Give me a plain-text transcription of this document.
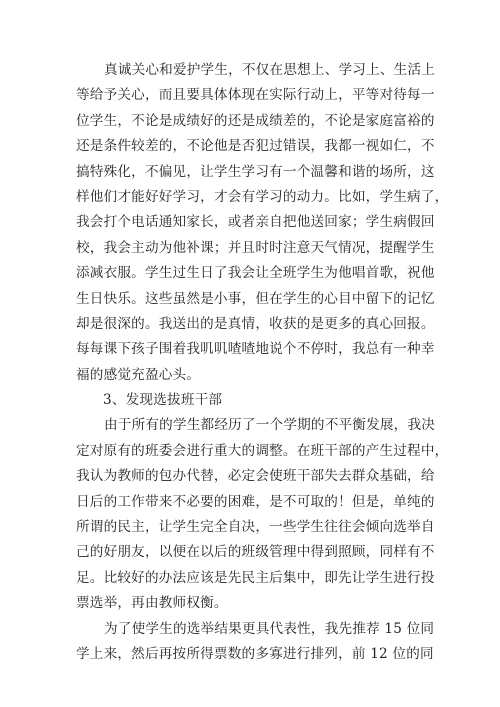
真诚关心和爱护学生，不仅在思想上、学习上、生活上
等给予关心，而且要具体体现在实际行动上，平等对待每一
位学生，不论是成绩好的还是成绩差的，不论是家庭富裕的
还是条件较差的，不论他是否犯过错误，我都一视如仁，不
搞特殊化，不偏见，让学生学习有一个温馨和谐的场所，这
样他们才能好好学习，才会有学习的动力。比如，学生病了，
我会打个电话通知家长，或者亲自把他送回家；学生病假回
校，我会主动为他补课；并且时时注意天气情况，提醒学生
添减衣服。学生过生日了我会让全班学生为他唱首歌，祝他
生日快乐。这些虽然是小事，但在学生的心目中留下的记忆
却是很深的。我送出的是真情，收获的是更多的真心回报。
每每课下孩子围着我叽叽喳喳地说个不停时，我总有一种幸
福的感觉充盈心头。
3、发现选拔班干部
由于所有的学生都经历了一个学期的不平衡发展，我决
定对原有的班委会进行重大的调整。在班干部的产生过程中，
我认为教师的包办代替，必定会使班干部失去群众基础，给
日后的工作带来不必要的困难，是不可取的！但是，单纯的
所谓的民主，让学生完全自决，一些学生往往会倾向选举自
己的好朋友，以便在以后的班级管理中得到照顾，同样有不
足。比较好的办法应该是先民主后集中，即先让学生进行投
票选举，再由教师权衡。
为了使学生的选举结果更具代表性，我先推荐 15 位同
学上来，然后再按所得票数的多寡进行排列，前 12 位的同
